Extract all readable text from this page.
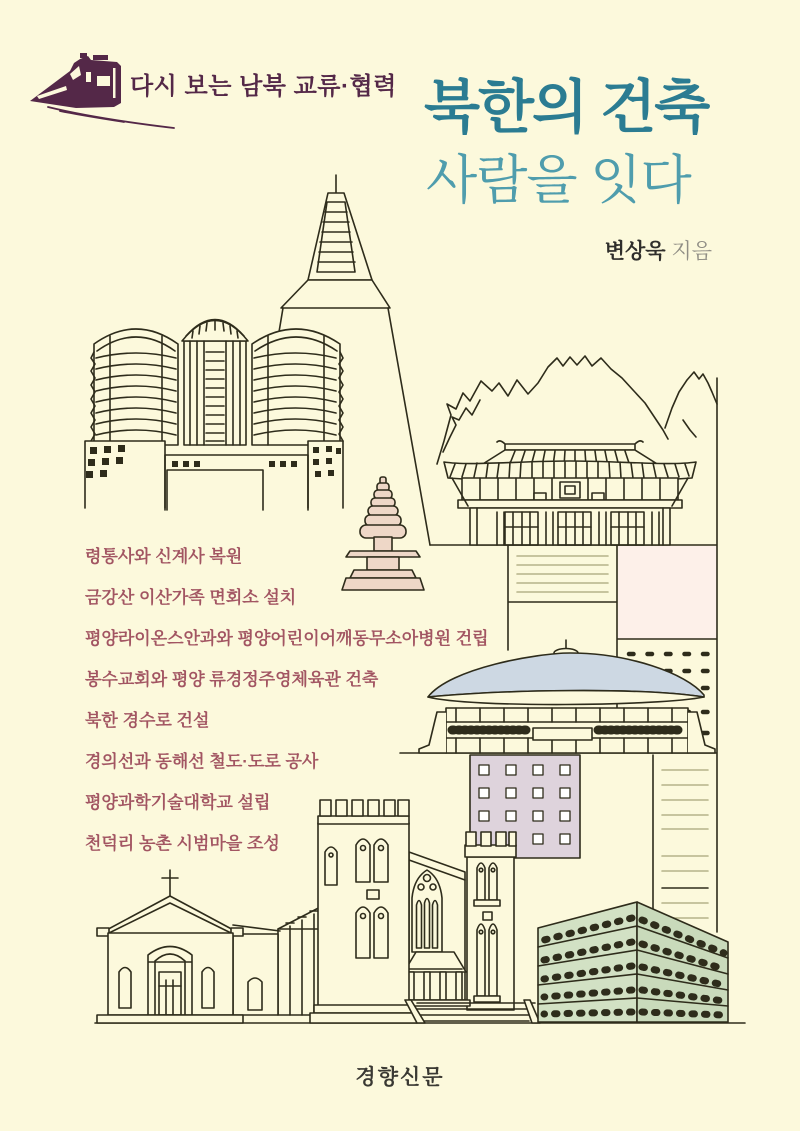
다시 보는 남북 교류·협력 북한의 건축
사람을 잇다
변상욱 지음
령통사와 신계사 복원
금강산 이산가족 면회소 설치
평양라이온스안과와 평양어린이어깨동무소아병원 건립
봉수교회와 평양 류경정주영체육관 건축
북한 경수로 건설
경의선과 동해선 철도·도로 공사
평양과학기술대학교 설립
천덕리 농촌 시범마을 조성
경향신문
